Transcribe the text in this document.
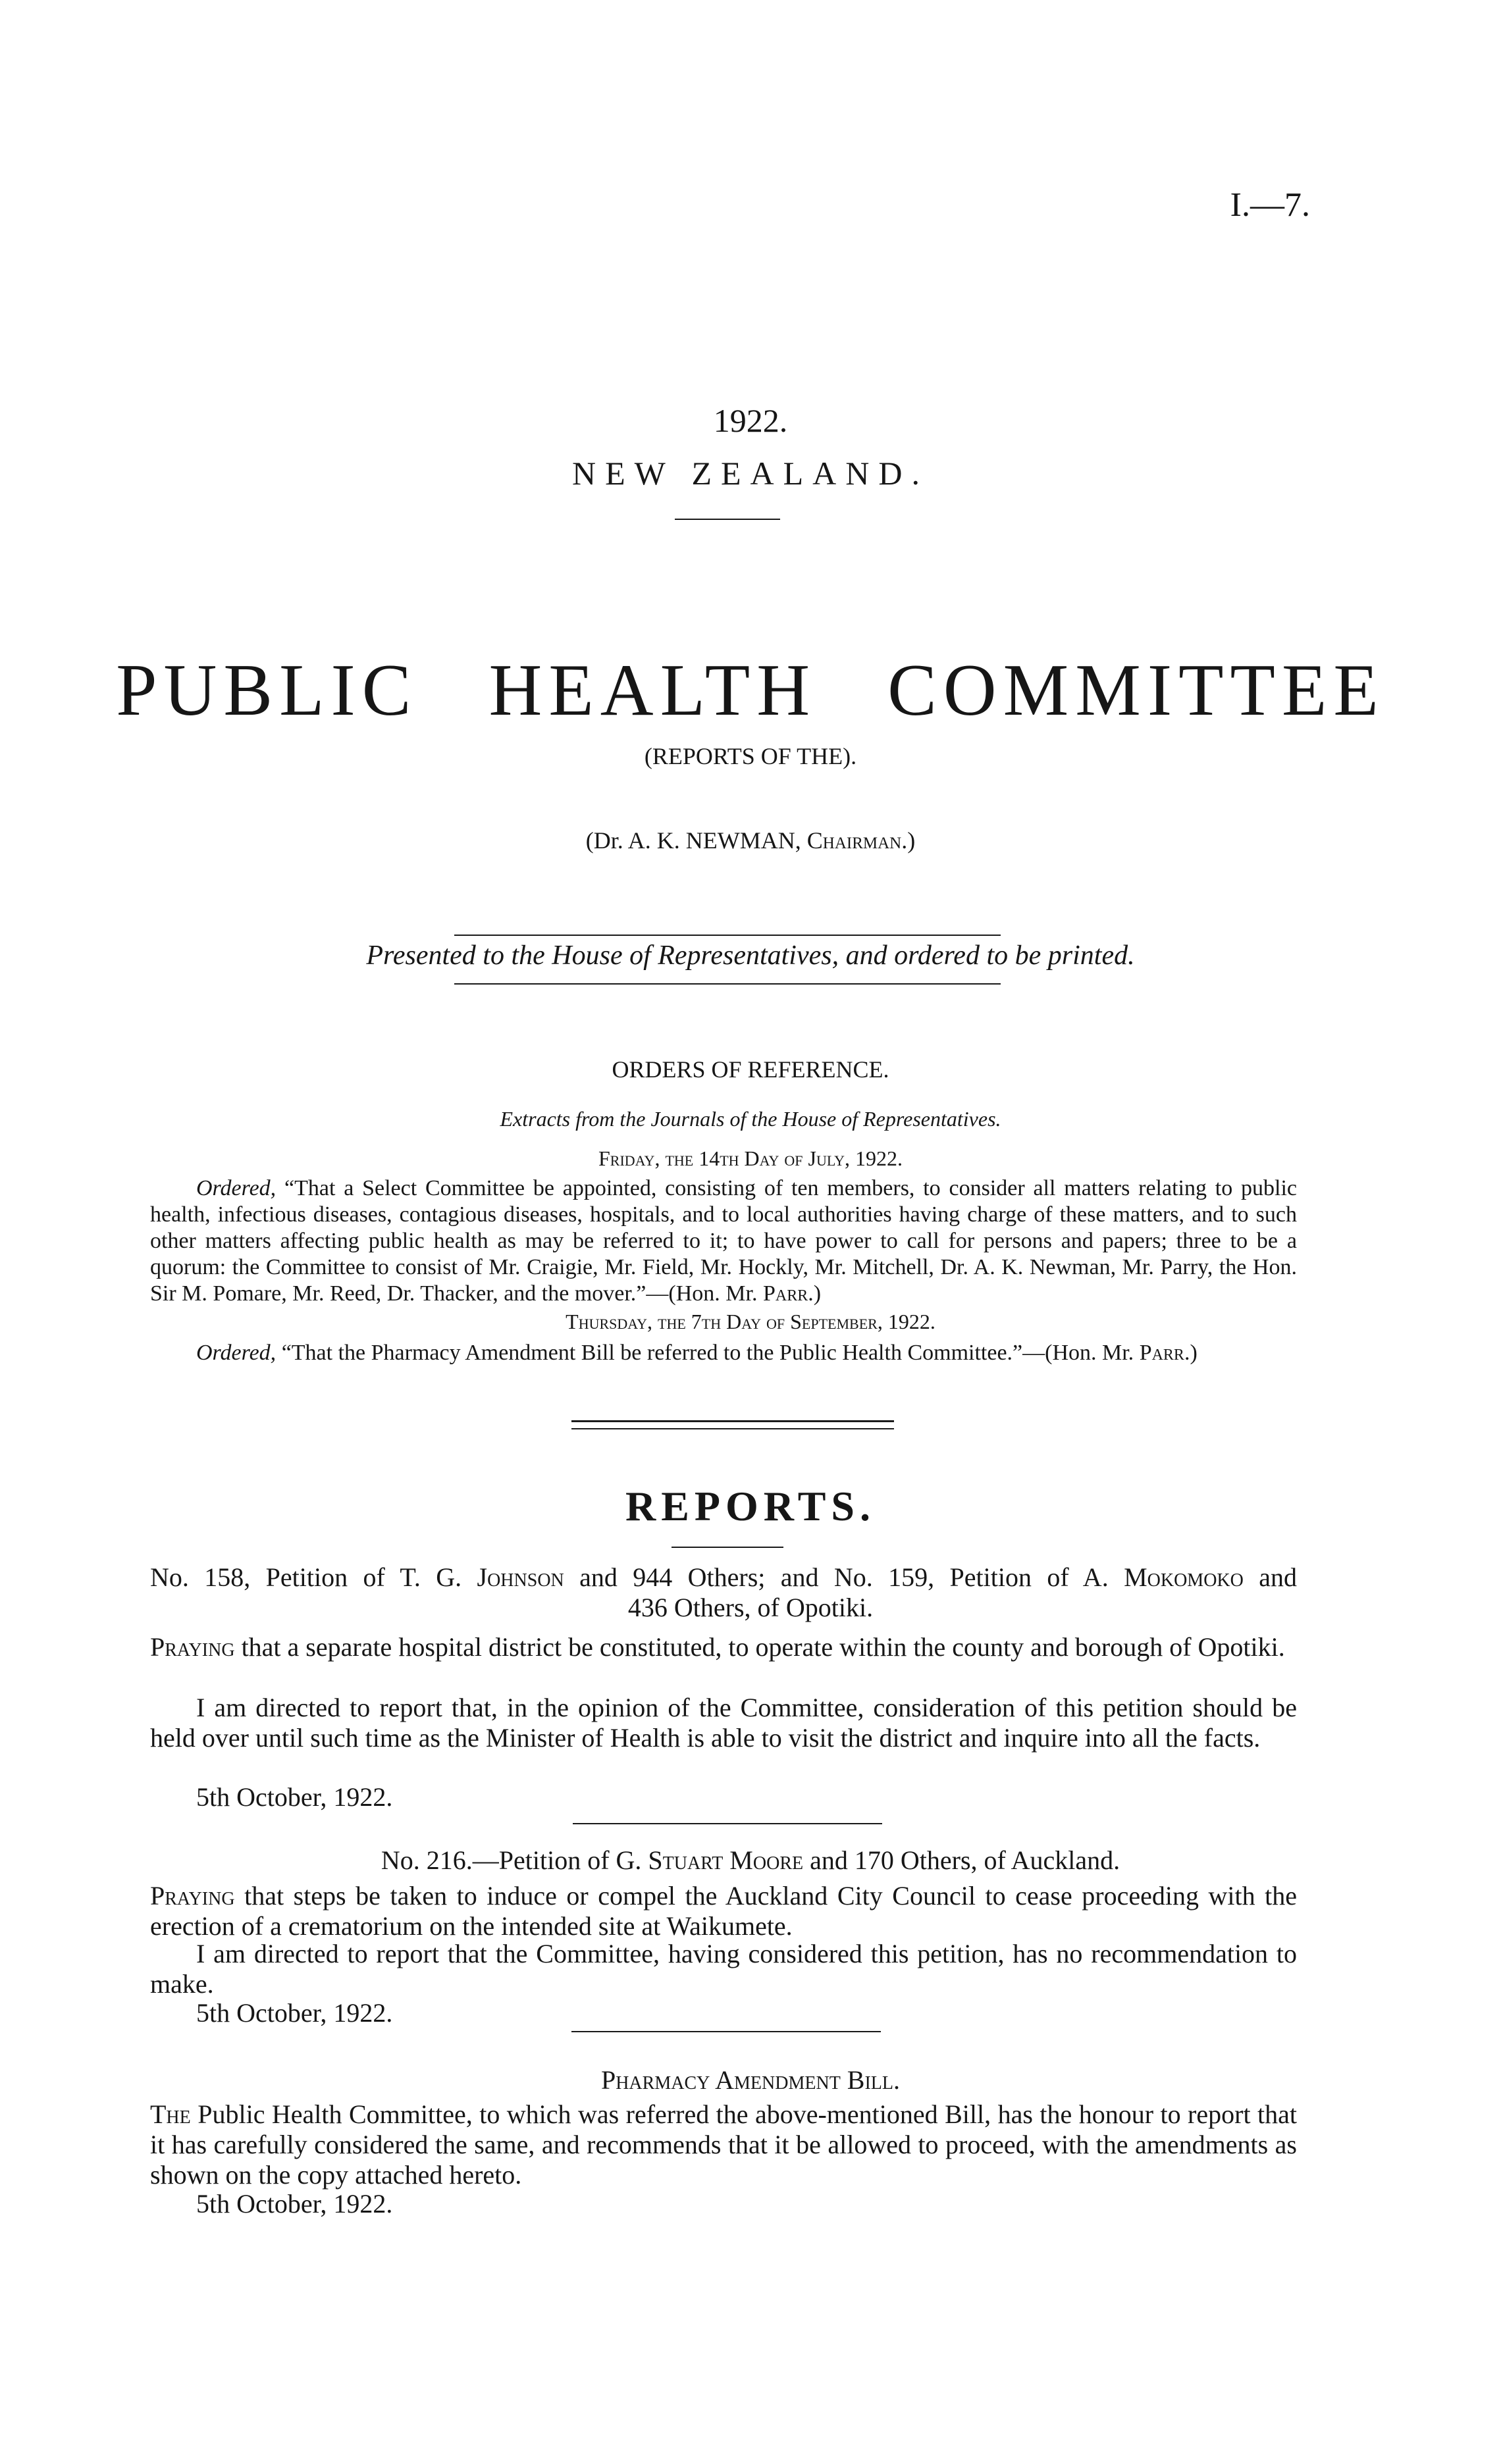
I.—7.
1922.
NEW ZEALAND.
PUBLIC HEALTH COMMITTEE
(REPORTS OF THE).
(Dr. A. K. NEWMAN, Chairman.)
Presented to the House of Representatives, and ordered to be printed.
ORDERS OF REFERENCE.
Extracts from the Journals of the House of Representatives.
Friday, the 14th Day of July, 1922.
Ordered, “That a Select Committee be appointed, consisting of ten members, to consider all matters relating to public health, infectious diseases, contagious diseases, hospitals, and to local authorities having charge of these matters, and to such other matters affecting public health as may be referred to it; to have power to call for persons and papers; three to be a quorum: the Committee to consist of Mr. Craigie, Mr. Field, Mr. Hockly, Mr. Mitchell, Dr. A. K. Newman, Mr. Parry, the Hon. Sir M. Pomare, Mr. Reed, Dr. Thacker, and the mover.”—(Hon. Mr. Parr.)
Thursday, the 7th Day of September, 1922.
Ordered, “That the Pharmacy Amendment Bill be referred to the Public Health Committee.”—(Hon. Mr. Parr.)
REPORTS.
No. 158, Petition of T. G. Johnson and 944 Others; and No. 159, Petition of A. Mokomoko and
436 Others, of Opotiki.
Praying that a separate hospital district be constituted, to operate within the county and borough of Opotiki.
I am directed to report that, in the opinion of the Committee, consideration of this petition should be held over until such time as the Minister of Health is able to visit the district and inquire into all the facts.
5th October, 1922.
No. 216.—Petition of G. Stuart Moore and 170 Others, of Auckland.
Praying that steps be taken to induce or compel the Auckland City Council to cease proceeding with the erection of a crematorium on the intended site at Waikumete.
I am directed to report that the Committee, having considered this petition, has no recommendation to make.
5th October, 1922.
Pharmacy Amendment Bill.
The Public Health Committee, to which was referred the above-mentioned Bill, has the honour to report that it has carefully considered the same, and recommends that it be allowed to proceed, with the amendments as shown on the copy attached hereto.
5th October, 1922.
